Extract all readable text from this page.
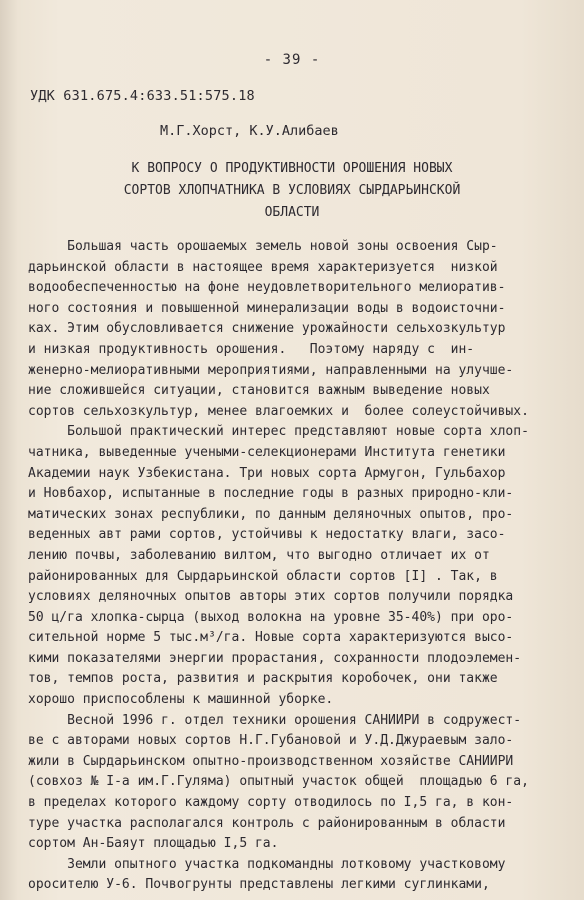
- 39 -
УДК 631.675.4:633.51:575.18
М.Г.Хорст, К.У.Алибаев
К ВОПРОСУ О ПРОДУКТИВНОСТИ ОРОШЕНИЯ НОВЫХ
СОРТОВ ХЛОПЧАТНИКА В УСЛОВИЯХ СЫРДАРЬИНСКОЙ
ОБЛАСТИ
Большая часть орошаемых земель новой зоны освоения Сыр-
дарьинской области в настоящее время характеризуется  низкой
водообеспеченностью на фоне неудовлетворительного мелиоратив-
ного состояния и повышенной минерализации воды в водоисточни-
ках. Этим обусловливается снижение урожайности сельхозкультур
и низкая продуктивность орошения.   Поэтому наряду с  ин-
женерно-мелиоративными мероприятиями, направленными на улучше-
ние сложившейся ситуации, становится важным выведение новых
сортов сельхозкультур, менее влагоемких и  более солеустойчивых.
Большой практический интерес представляют новые сорта хлоп-
чатника, выведенные учеными-селекционерами Института генетики
Академии наук Узбекистана. Три новых сорта Армугон, Гульбахор
и Новбахор, испытанные в последние годы в разных природно-кли-
матических зонах республики, по данным деляночных опытов, про-
веденных авт рами сортов, устойчивы к недостатку влаги, засо-
лению почвы, заболеванию вилтом, что выгодно отличает их от
районированных для Сырдарьинской области сортов [I] . Так, в
условиях деляночных опытов авторы этих сортов получили порядка
50 ц/га хлопка-сырца (выход волокна на уровне 35-40%) при оро-
сительной норме 5 тыс.м³/га. Новые сорта характеризуются высо-
кими показателями энергии прорастания, сохранности плодоэлемен-
тов, темпов роста, развития и раскрытия коробочек, они также
хорошо приспособлены к машинной уборке.
Весной 1996 г. отдел техники орошения САНИИРИ в содружест-
ве с авторами новых сортов Н.Г.Губановой и У.Д.Джураевым зало-
жили в Сырдарьинском опытно-производственном хозяйстве САНИИРИ
(совхоз № I-а им.Г.Гуляма) опытный участок общей  площадью 6 га,
в пределах которого каждому сорту отводилось по I,5 га, в кон-
туре участка располагался контроль с районированным в области
сортом Ан-Баяут площадью I,5 га.
Земли опытного участка подкомандны лотковому участковому
оросителю У-6. Почвогрунты представлены легкими суглинками,
